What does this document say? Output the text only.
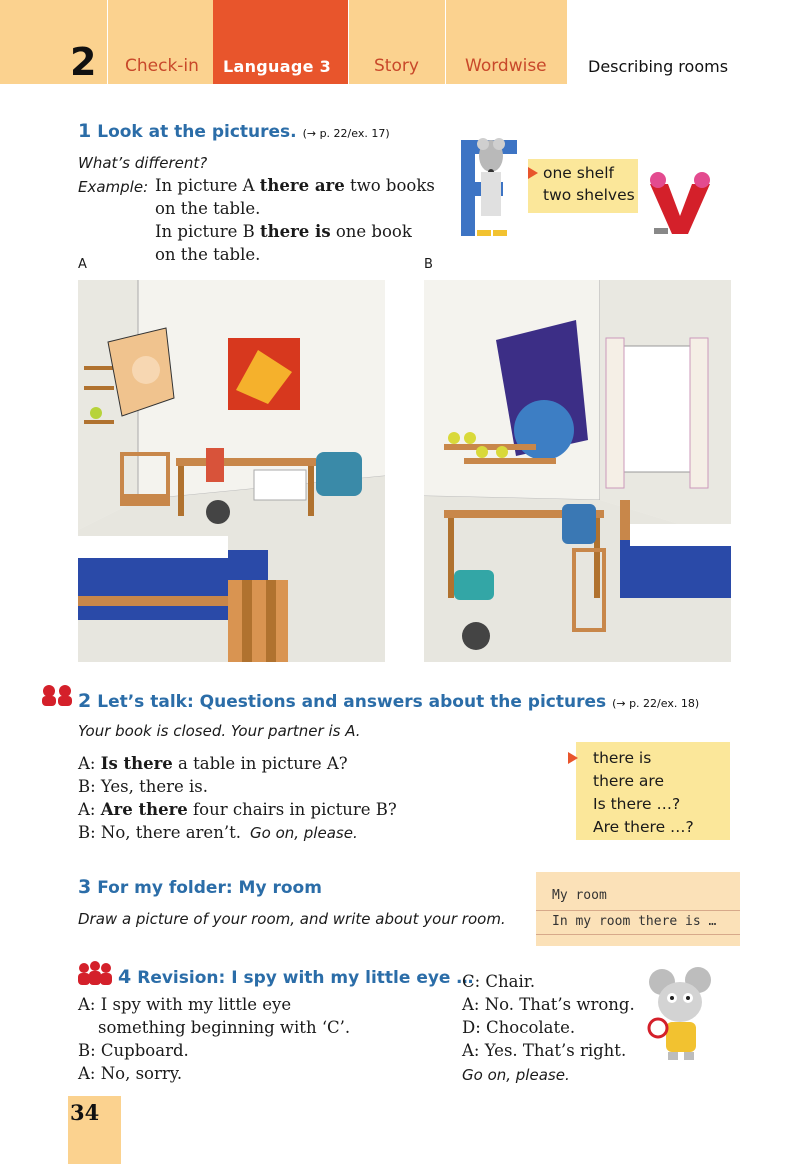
2 Check-in Language 3	Story	Wordwise	Describing rooms
1 Look at the pictures. (→ p. 22/ex. 17)
What’s different?
Example: In picture A there are two books
on the table.
In picture B there is one book
on the table.
one shelf
two shelves
A	B
2 Let’s talk: Questions and answers about the pictures (→ p. 22/ex. 18)
Your book is closed. Your partner is A.
A: Is there a table in picture A?
B: Yes, there is.
A: Are there four chairs in picture B?
B: No, there aren’t. Go on, please.
there is
there are
Is there …?
Are there …?
3 For my folder: My room
Draw a picture of your room, and write about your room.
My room
In my room there is …
4 Revision: I spy with my little eye …
A: I spy with my little eye
something beginning with ‘C’.
B: Cupboard.
A: No, sorry.
C: Chair.
A: No. That’s wrong.
D: Chocolate.
A: Yes. That’s right.
Go on, please.
34
